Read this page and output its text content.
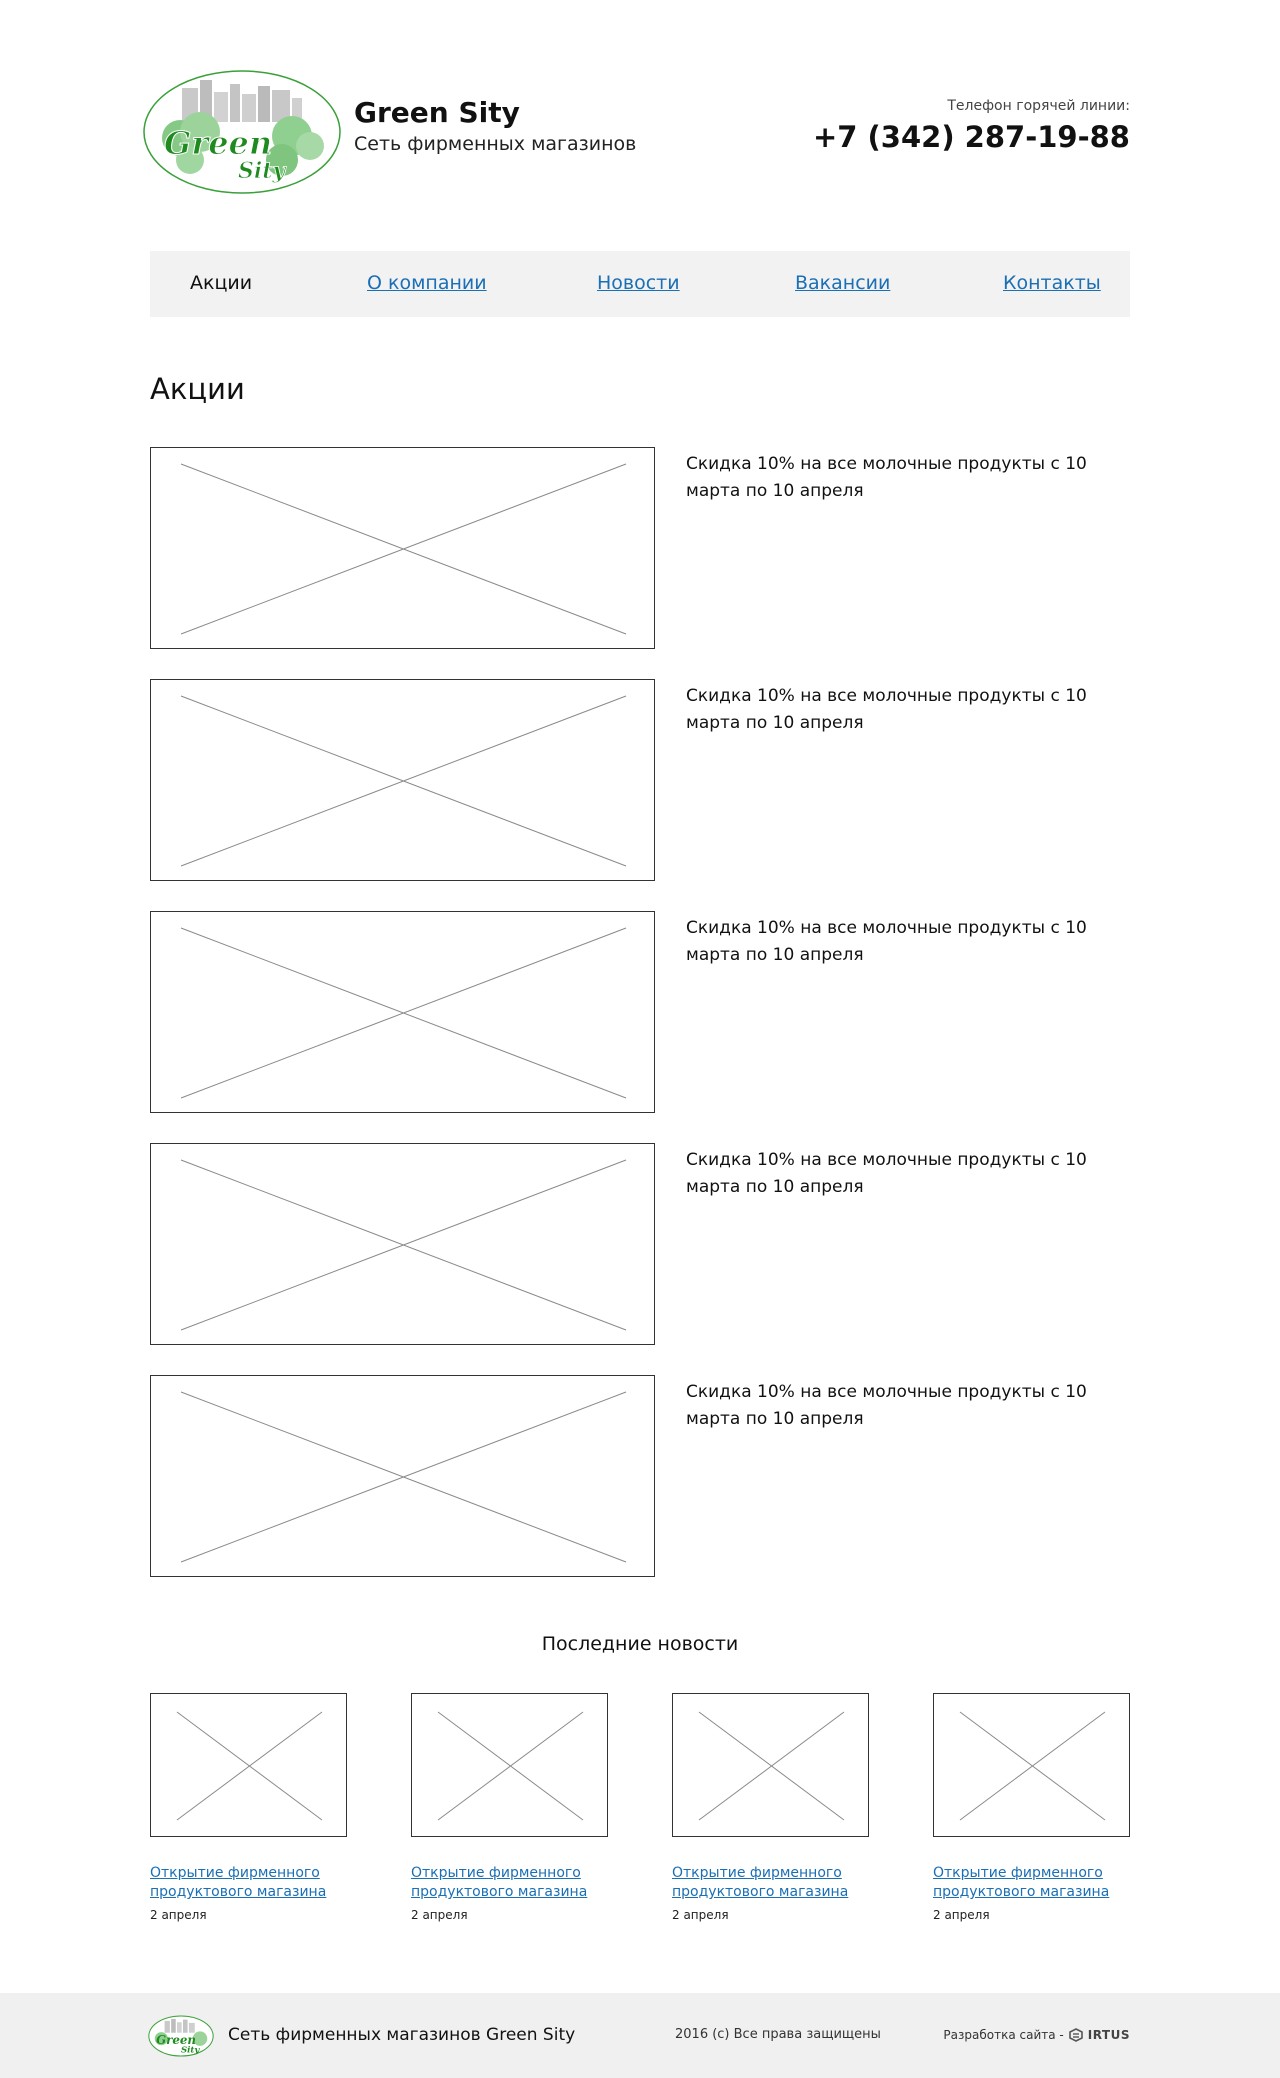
Green
Sity
Green Sity
Сеть фирменных магазинов
Телефон горячей линии:
+7 (342) 287-19-88
Акции	О компании	Новости	Вакансии	Контакты
Акции
Скидка 10% на все молочные продукты с 10 марта по 10 апреля
Скидка 10% на все молочные продукты с 10 марта по 10 апреля
Скидка 10% на все молочные продукты с 10 марта по 10 апреля
Скидка 10% на все молочные продукты с 10 марта по 10 апреля
Скидка 10% на все молочные продукты с 10 марта по 10 апреля
Последние новости
Открытие фирменного продуктового магазина
2 апреля
Открытие фирменного продуктового магазина
2 апреля
Открытие фирменного продуктового магазина
2 апреля
Открытие фирменного продуктового магазина
2 апреля
Green
Sity
Сеть фирменных магазинов Green Sity	2016 (с) Все права защищены	Разработка сайта - IRTUS
